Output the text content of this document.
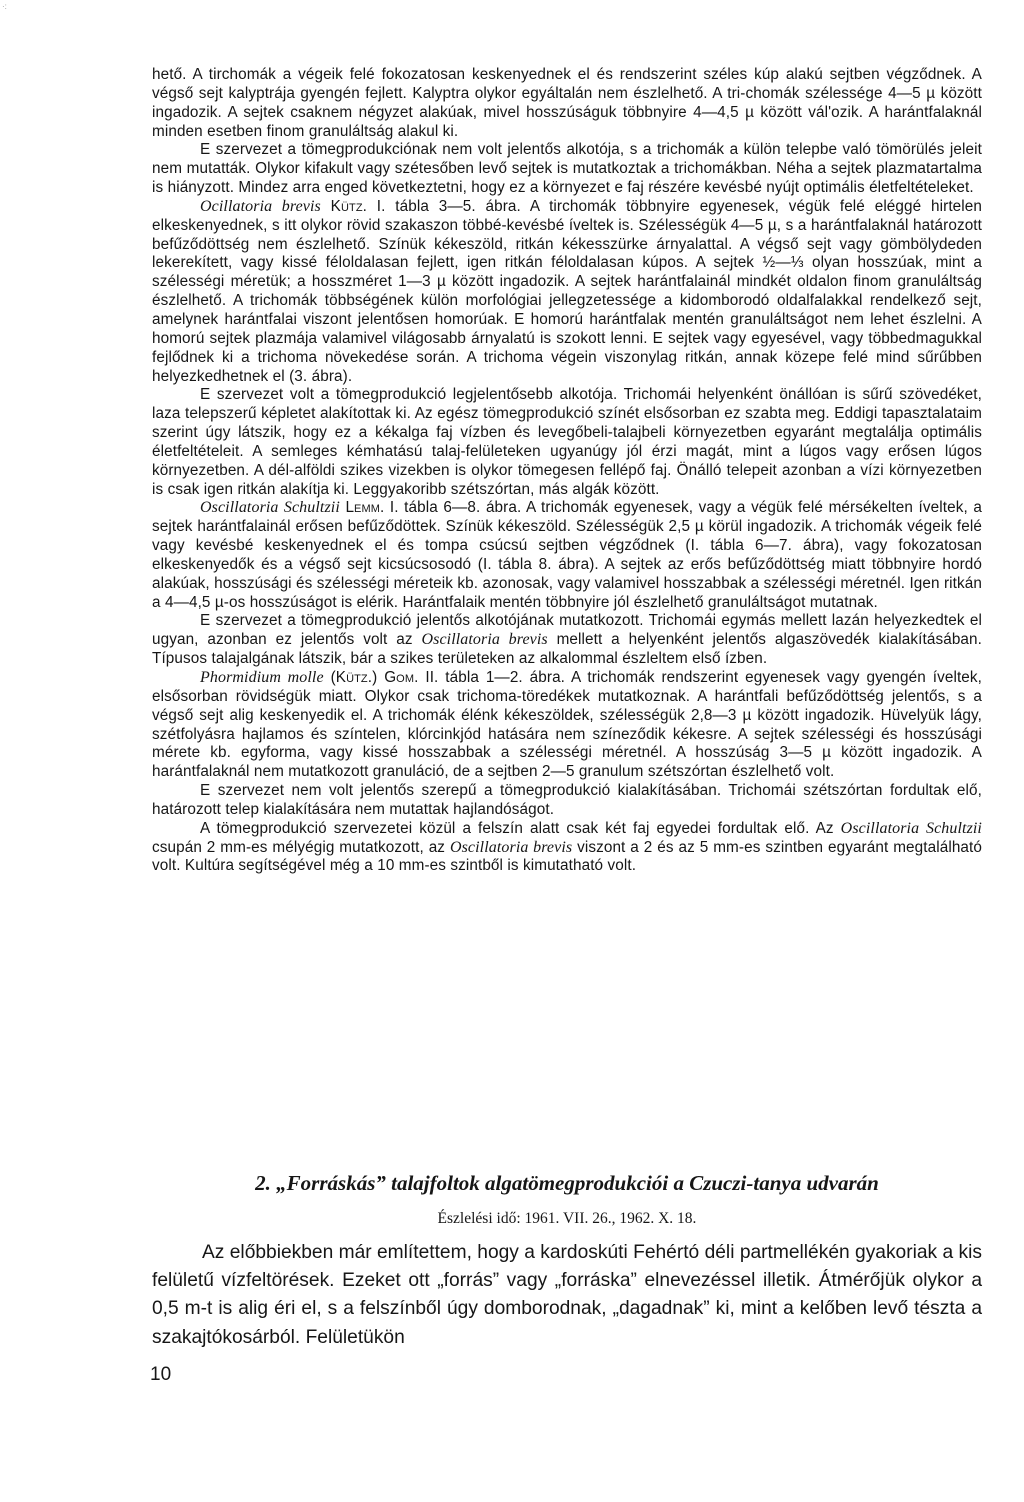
·:

hető. A tirchomák a végeik felé fokozatosan keskenyednek el és rendszerint széles kúp alakú sejtben végződnek. A végső sejt kalyptrája gyengén fejlett. Kalyptra olykor egyáltalán nem észlelhető. A tri-chomák szélessége 4—5 µ között ingadozik. A sejtek csaknem négyzet alakúak, mivel hosszúságuk többnyire 4—4,5 µ között vál'ozik. A harántfalaknál minden esetben finom granuláltság alakul ki.

E szervezet a tömegprodukciónak nem volt jelentős alkotója, s a trichomák a külön telepbe való tömörülés jeleit nem mutatták. Olykor kifakult vagy szétesőben levő sejtek is mutatkoztak a trichomákban. Néha a sejtek plazmatartalma is hiányzott. Mindez arra enged következtetni, hogy ez a környezet e faj részére kevésbé nyújt optimális életfeltételeket.

Ocillatoria brevis Kütz. I. tábla 3—5. ábra. A tirchomák többnyire egyenesek, végük felé eléggé hirtelen elkeskenyednek, s itt olykor rövid szakaszon többé-kevésbé íveltek is. Szélességük 4—5 µ, s a harántfalaknál határozott befűződöttség nem észlelhető. Színük kékeszöld, ritkán kékesszürke árnyalattal. A végső sejt vagy gömbölydeden lekerekített, vagy kissé féloldalasan fejlett, igen ritkán féloldalasan kúpos. A sejtek ½—⅓ olyan hosszúak, mint a szélességi méretük; a hosszméret 1—3 µ között ingadozik. A sejtek harántfalainál mindkét oldalon finom granuláltság észlelhető. A trichomák többségének külön morfológiai jellegzetessége a kidomborodó oldalfalakkal rendelkező sejt, amelynek harántfalai viszont jelentősen homorúak. E homorú harántfalak mentén granuláltságot nem lehet észlelni. A homorú sejtek plazmája valamivel világosabb árnyalatú is szokott lenni. E sejtek vagy egyesével, vagy többedmagukkal fejlődnek ki a trichoma növekedése során. A trichoma végein viszonylag ritkán, annak közepe felé mind sűrűbben helyezkedhetnek el (3. ábra).

E szervezet volt a tömegprodukció legjelentősebb alkotója. Trichomái helyenként önállóan is sűrű szövedéket, laza telepszerű képletet alakítottak ki. Az egész tömegprodukció színét elsősorban ez szabta meg. Eddigi tapasztalataim szerint úgy látszik, hogy ez a kékalga faj vízben és levegőbeli-talajbeli környezetben egyaránt megtalálja optimális életfeltételeit. A semleges kémhatású talaj-felületeken ugyanúgy jól érzi magát, mint a lúgos vagy erősen lúgos környezetben. A dél-alföldi szikes vizekben is olykor tömegesen fellépő faj. Önálló telepeit azonban a vízi környezetben is csak igen ritkán alakítja ki. Leggyakoribb szétszórtan, más algák között.

Oscillatoria Schultzii Lemm. I. tábla 6—8. ábra. A trichomák egyenesek, vagy a végük felé mérsékelten íveltek, a sejtek harántfalainál erősen befűződöttek. Színük kékeszöld. Szélességük 2,5 µ körül ingadozik. A trichomák végeik felé vagy kevésbé keskenyednek el és tompa csúcsú sejtben végződnek (I. tábla 6—7. ábra), vagy fokozatosan elkeskenyedők és a végső sejt kicsúcsosodó (I. tábla 8. ábra). A sejtek az erős befűződöttség miatt többnyire hordó alakúak, hosszúsági és szélességi méreteik kb. azonosak, vagy valamivel hosszabbak a szélességi méretnél. Igen ritkán a 4—4,5 µ-os hosszúságot is elérik. Harántfalaik mentén többnyire jól észlelhető granuláltságot mutatnak.

E szervezet a tömegprodukció jelentős alkotójának mutatkozott. Trichomái egymás mellett lazán helyezkedtek el ugyan, azonban ez jelentős volt az Oscillatoria brevis mellett a helyenként jelentős algaszövedék kialakításában. Típusos talajalgának látszik, bár a szikes területeken az alkalommal észleltem első ízben.

Phormidium molle (Kütz.) Gom. II. tábla 1—2. ábra. A trichomák rendszerint egyenesek vagy gyengén íveltek, elsősorban rövidségük miatt. Olykor csak trichoma-töredékek mutatkoznak. A harántfali befűződöttség jelentős, s a végső sejt alig keskenyedik el. A trichomák élénk kékeszöldek, szélességük 2,8—3 µ között ingadozik. Hüvelyük lágy, szétfolyásra hajlamos és színtelen, klórcinkjód hatására nem színeződik kékesre. A sejtek szélességi és hosszúsági mérete kb. egyforma, vagy kissé hosszabbak a szélességi méretnél. A hosszúság 3—5 µ között ingadozik. A harántfalaknál nem mutatkozott granuláció, de a sejtben 2—5 granulum szétszórtan észlelhető volt.

E szervezet nem volt jelentős szerepű a tömegprodukció kialakításában. Trichomái szétszórtan fordultak elő, határozott telep kialakítására nem mutattak hajlandóságot.

A tömegprodukció szervezetei közül a felszín alatt csak két faj egyedei fordultak elő. Az Oscillatoria Schultzii csupán 2 mm-es mélyégig mutatkozott, az Oscillatoria brevis viszont a 2 és az 5 mm-es szintben egyaránt megtalálható volt. Kultúra segítségével még a 10 mm-es szintből is kimutatható volt.

2. „Forráskás” talajfoltok algatömegprodukciói a Czuczi-tanya udvarán

Észlelési idő: 1961. VII. 26., 1962. X. 18.

Az előbbiekben már említettem, hogy a kardoskúti Fehértó déli partmellékén gyakoriak a kis felületű vízfeltörések. Ezeket ott „forrás” vagy „forráska” elnevezéssel illetik. Átmérőjük olykor a 0,5 m-t is alig éri el, s a felszínből úgy domborodnak, „dagadnak” ki, mint a kelőben levő tészta a szakajtókosárból. Felületükön

10
